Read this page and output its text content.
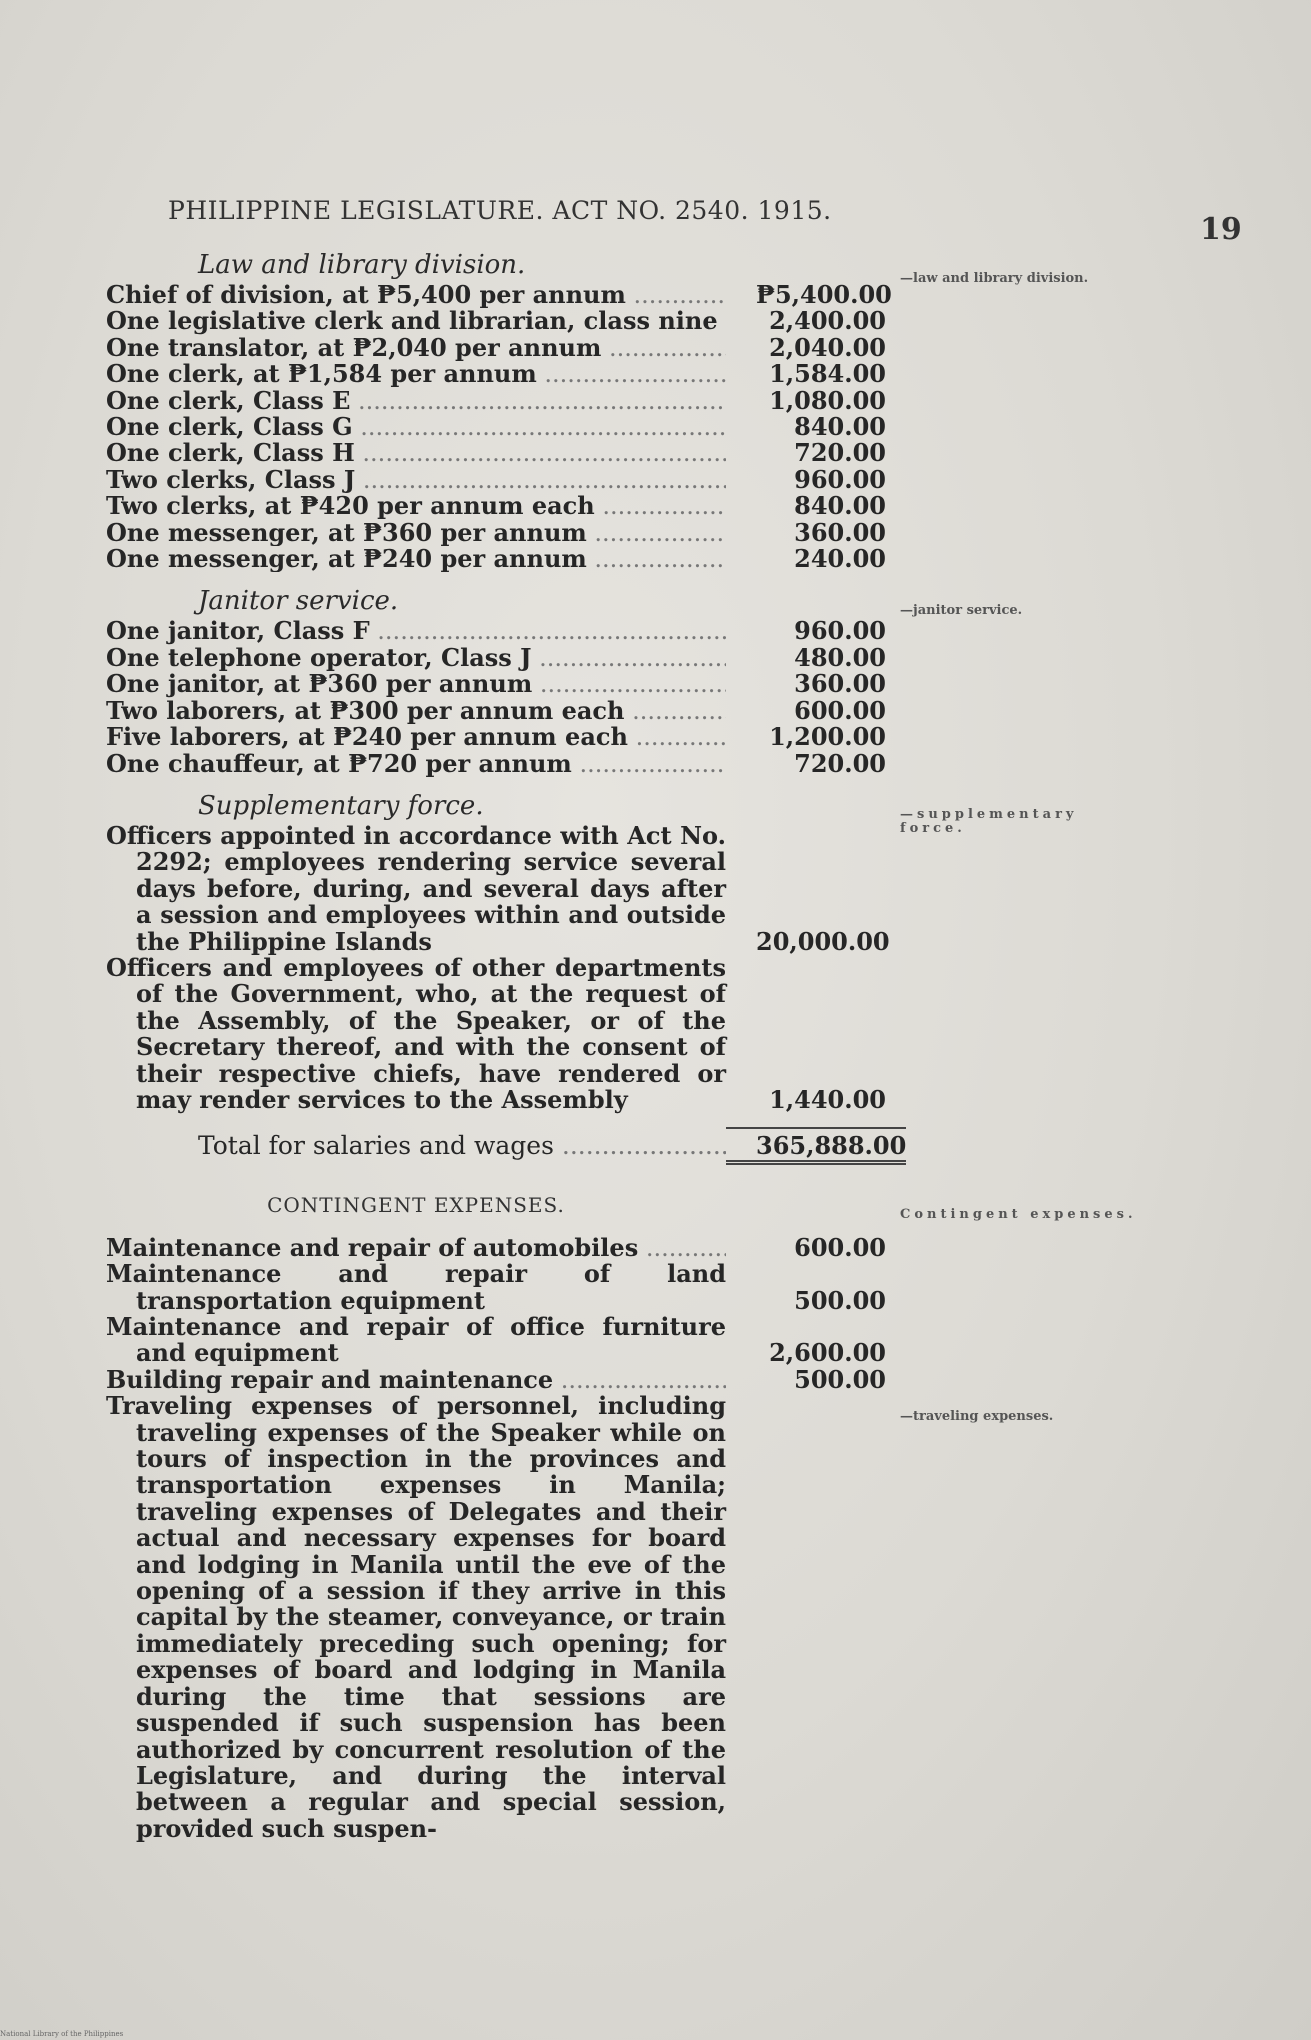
PHILIPPINE LEGISLATURE. ACT NO. 2540. 1915.
19
—law and library division.
—janitor service.
—supplementary force.
Contingent expenses.
—traveling expenses.
Law and library division.
Chief of division, at ₱5,400 per annum .....	₱5,400.00
One legislative clerk and librarian, class nine .....	2,400.00
One translator, at ₱2,040 per annum .....	2,040.00
One clerk, at ₱1,584 per annum .....	1,584.00
One clerk, Class E .....	1,080.00
One clerk, Class G .....	840.00
One clerk, Class H .....	720.00
Two clerks, Class J .....	960.00
Two clerks, at ₱420 per annum each .....	840.00
One messenger, at ₱360 per annum .....	360.00
One messenger, at ₱240 per annum .....	240.00
Janitor service.
One janitor, Class F .....	960.00
One telephone operator, Class J .....	480.00
One janitor, at ₱360 per annum .....	360.00
Two laborers, at ₱300 per annum each .....	600.00
Five laborers, at ₱240 per annum each .....	1,200.00
One chauffeur, at ₱720 per annum .....	720.00
Supplementary force.
Officers appointed in accordance with Act No. 2292; employees rendering service several days before, during, and several days after a session and employees within and outside the Philippine Islands	20,000.00
Officers and employees of other departments of the Government, who, at the request of the Assembly, of the Speaker, or of the Secretary thereof, and with the consent of their respective chiefs, have rendered or may render services to the Assembly	1,440.00
Total for salaries and wages .....	365,888.00
CONTINGENT EXPENSES.
Maintenance and repair of automobiles .....	600.00
Maintenance and repair of land transportation equipment	500.00
Maintenance and repair of office furniture and equipment	2,600.00
Building repair and maintenance .....	500.00
Traveling expenses of personnel, including traveling expenses of the Speaker while on tours of inspection in the provinces and transportation expenses in Manila; traveling expenses of Delegates and their actual and necessary expenses for board and lodging in Manila until the eve of the opening of a session if they arrive in this capital by the steamer, conveyance, or train immediately preceding such opening; for expenses of board and lodging in Manila during the time that sessions are suspended if such suspension has been authorized by concurrent resolution of the Legislature, and during the interval between a regular and special session, provided such suspen-
National Library of the Philippines
